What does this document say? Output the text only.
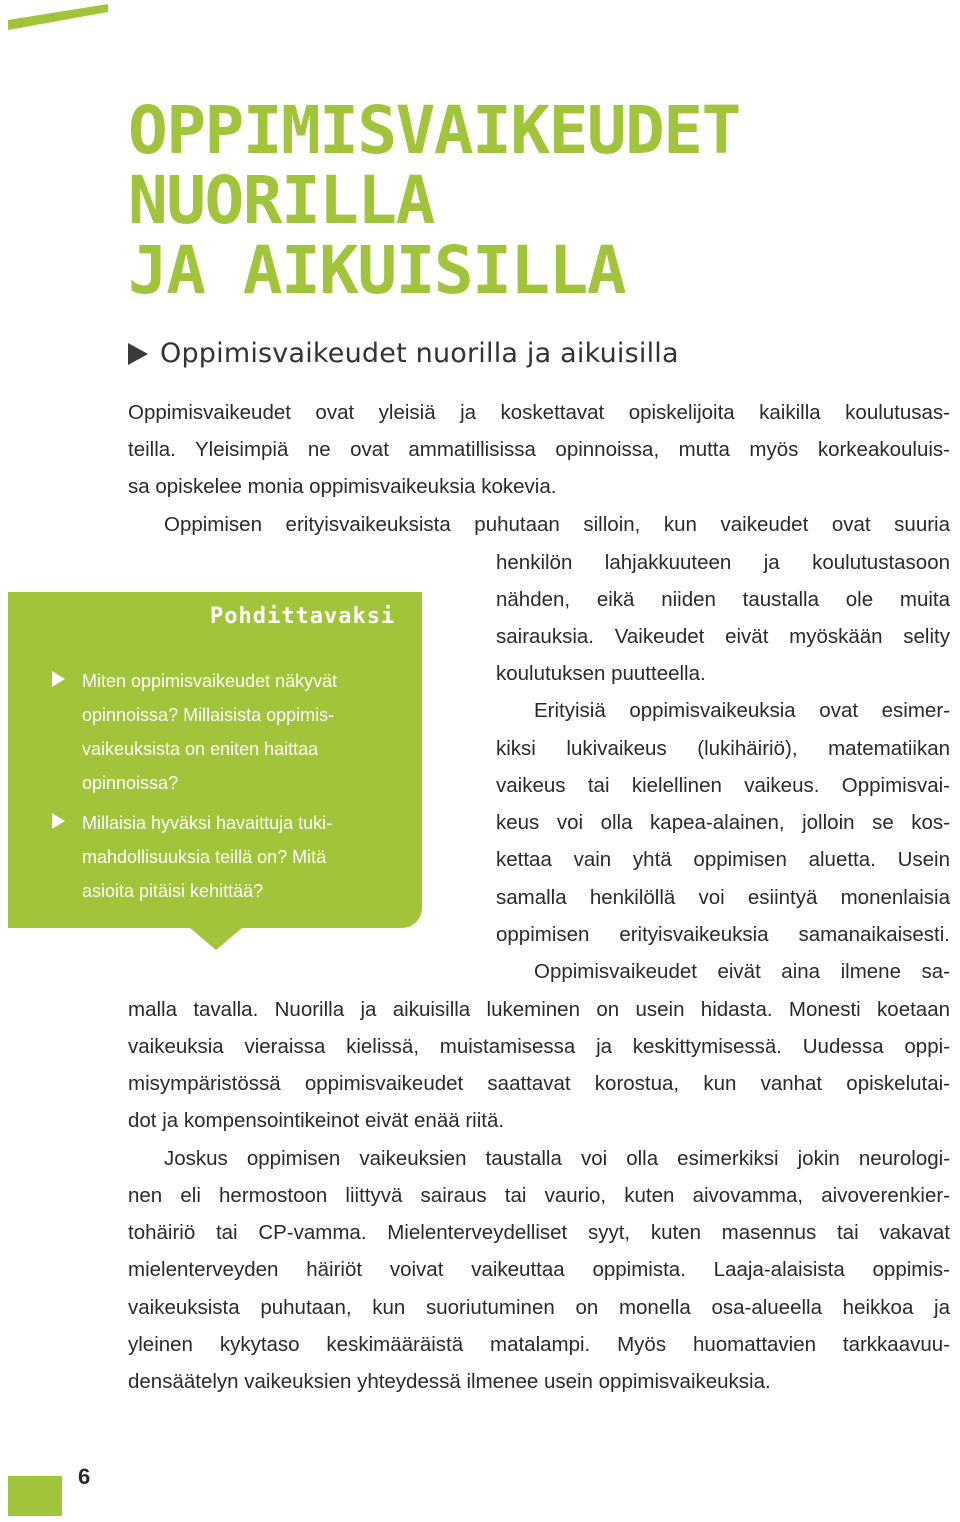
OPPIMISVAIKEUDET
NUORILLA
JA AIKUISILLA
Oppimisvaikeudet nuorilla ja aikuisilla

Oppimisvaikeudet ovat yleisiä ja koskettavat opiskelijoita kaikilla koulutusas-

teilla. Yleisimpiä ne ovat ammatillisissa opinnoissa, mutta myös korkeakouluis-

sa opiskelee monia oppimisvaikeuksia kokevia.

Oppimisen erityisvaikeuksista puhutaan silloin, kun vaikeudet ovat suuria

henkilön lahjakkuuteen ja koulutustasoon

nähden, eikä niiden taustalla ole muita

sairauksia. Vaikeudet eivät myöskään selity

koulutuksen puutteella.

Erityisiä oppimisvaikeuksia ovat esimer-

kiksi lukivaikeus (lukihäiriö), matematiikan

vaikeus tai kielellinen vaikeus. Oppimisvai-

keus voi olla kapea-alainen, jolloin se kos-

kettaa vain yhtä oppimisen aluetta. Usein

samalla henkilöllä voi esiintyä monenlaisia

oppimisen erityisvaikeuksia samanaikaisesti.

Oppimisvaikeudet eivät aina ilmene sa-

malla tavalla. Nuorilla ja aikuisilla lukeminen on usein hidasta. Monesti koetaan

vaikeuksia vieraissa kielissä, muistamisessa ja keskittymisessä. Uudessa oppi-

misympäristössä oppimisvaikeudet saattavat korostua, kun vanhat opiskelutai-

dot ja kompensointikeinot eivät enää riitä.

Joskus oppimisen vaikeuksien taustalla voi olla esimerkiksi jokin neurologi-

nen eli hermostoon liittyvä sairaus tai vaurio, kuten aivovamma, aivoverenkier-

tohäiriö tai CP-vamma. Mielenterveydelliset syyt, kuten masennus tai vakavat

mielenterveyden häiriöt voivat vaikeuttaa oppimista. Laaja-alaisista oppimis-

vaikeuksista puhutaan, kun suoriutuminen on monella osa-alueella heikkoa ja

yleinen kykytaso keskimääräistä matalampi. Myös huomattavien tarkkaavuu-

densäätelyn vaikeuksien yhteydessä ilmenee usein oppimisvaikeuksia.

Pohdittavaksi
Miten oppimisvaikeudet näkyvät
opinnoissa? Millaisista oppimis-
vaikeuksista on eniten haittaa
opinnoissa?
Millaisia hyväksi havaittuja tuki-
mahdollisuuksia teillä on? Mitä
asioita pitäisi kehittää?

6
